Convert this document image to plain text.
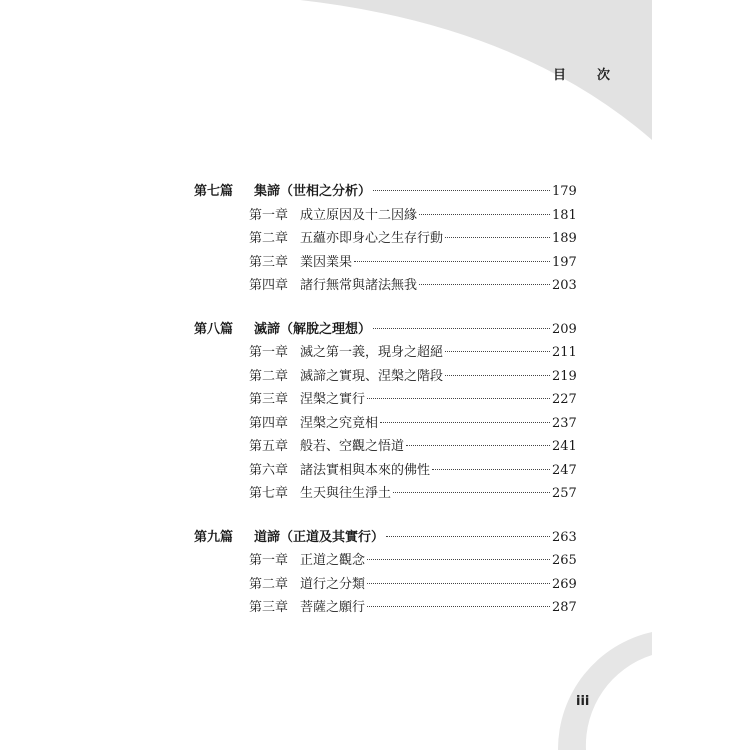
目　次
第七篇	集諦（世相之分析）	179
第一章 成立原因及十二因緣	181
第二章 五蘊亦即身心之生存行動	189
第三章 業因業果	197
第四章 諸行無常與諸法無我	203
第八篇	滅諦（解脫之理想）	209
第一章 滅之第一義，現身之超絕	211
第二章 滅諦之實現、涅槃之階段	219
第三章 涅槃之實行	227
第四章 涅槃之究竟相	237
第五章 般若、空觀之悟道	241
第六章 諸法實相與本來的佛性	247
第七章 生天與往生淨土	257
第九篇	道諦（正道及其實行）	263
第一章 正道之觀念	265
第二章 道行之分類	269
第三章 菩薩之願行	287
iii
